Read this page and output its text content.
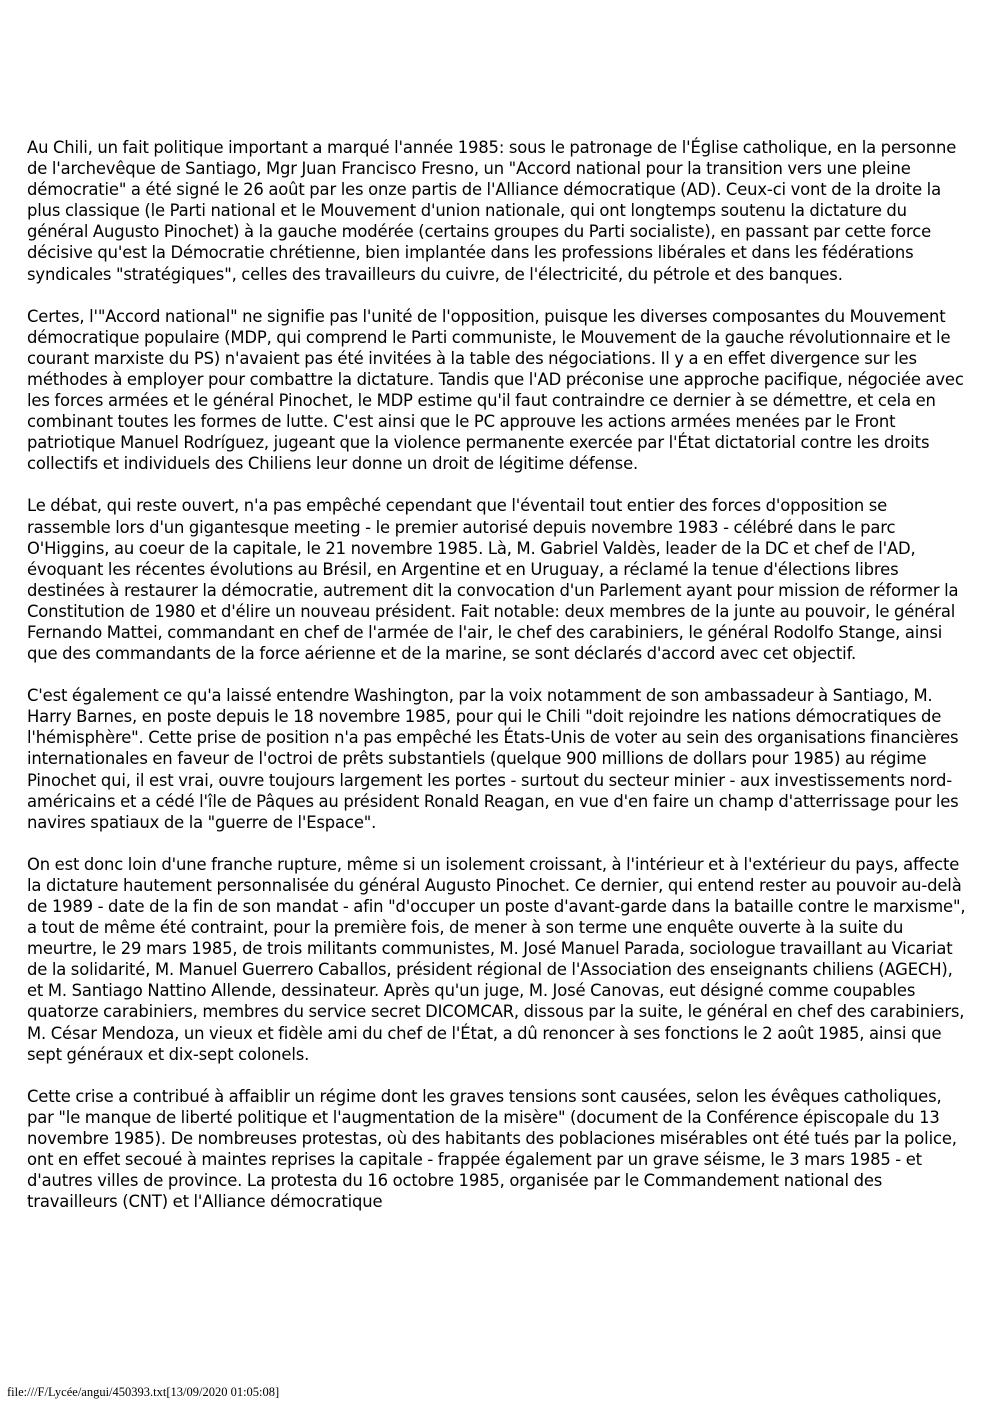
Au Chili, un fait politique important a marqué l'année 1985: sous le patronage de l'Église catholique, en la personne de l'archevêque de Santiago, Mgr Juan Francisco Fresno, un "Accord national pour la transition vers une pleine démocratie" a été signé le 26 août par les onze partis de l'Alliance démocratique (AD). Ceux-ci vont de la droite la plus classique (le Parti national et le Mouvement d'union nationale, qui ont longtemps soutenu la dictature du général Augusto Pinochet) à la gauche modérée (certains groupes du Parti socialiste), en passant par cette force décisive qu'est la Démocratie chrétienne, bien implantée dans les professions libérales et dans les fédérations syndicales "stratégiques", celles des travailleurs du cuivre, de l'électricité, du pétrole et des banques.

Certes, l'"Accord national" ne signifie pas l'unité de l'opposition, puisque les diverses composantes du Mouvement démocratique populaire (MDP, qui comprend le Parti communiste, le Mouvement de la gauche révolutionnaire et le courant marxiste du PS) n'avaient pas été invitées à la table des négociations. Il y a en effet divergence sur les méthodes à employer pour combattre la dictature. Tandis que l'AD préconise une approche pacifique, négociée avec les forces armées et le général Pinochet, le MDP estime qu'il faut contraindre ce dernier à se démettre, et cela en combinant toutes les formes de lutte. C'est ainsi que le PC approuve les actions armées menées par le Front patriotique Manuel Rodríguez, jugeant que la violence permanente exercée par l'État dictatorial contre les droits collectifs et individuels des Chiliens leur donne un droit de légitime défense.

Le débat, qui reste ouvert, n'a pas empêché cependant que l'éventail tout entier des forces d'opposition se rassemble lors d'un gigantesque meeting - le premier autorisé depuis novembre 1983 - célébré dans le parc O'Higgins, au coeur de la capitale, le 21 novembre 1985. Là, M. Gabriel Valdès, leader de la DC et chef de l'AD, évoquant les récentes évolutions au Brésil, en Argentine et en Uruguay, a réclamé la tenue d'élections libres destinées à restaurer la démocratie, autrement dit la convocation d'un Parlement ayant pour mission de réformer la Constitution de 1980 et d'élire un nouveau président. Fait notable: deux membres de la junte au pouvoir, le général Fernando Mattei, commandant en chef de l'armée de l'air, le chef des carabiniers, le général Rodolfo Stange, ainsi que des commandants de la force aérienne et de la marine, se sont déclarés d'accord avec cet objectif.

C'est également ce qu'a laissé entendre Washington, par la voix notamment de son ambassadeur à Santiago, M. Harry Barnes, en poste depuis le 18 novembre 1985, pour qui le Chili "doit rejoindre les nations démocratiques de l'hémisphère". Cette prise de position n'a pas empêché les États-Unis de voter au sein des organisations financières internationales en faveur de l'octroi de prêts substantiels (quelque 900 millions de dollars pour 1985) au régime Pinochet qui, il est vrai, ouvre toujours largement les portes - surtout du secteur minier - aux investissements nord-américains et a cédé l'île de Pâques au président Ronald Reagan, en vue d'en faire un champ d'atterrissage pour les navires spatiaux de la "guerre de l'Espace".

On est donc loin d'une franche rupture, même si un isolement croissant, à l'intérieur et à l'extérieur du pays, affecte la dictature hautement personnalisée du général Augusto Pinochet. Ce dernier, qui entend rester au pouvoir au-delà de 1989 - date de la fin de son mandat - afin "d'occuper un poste d'avant-garde dans la bataille contre le marxisme", a tout de même été contraint, pour la première fois, de mener à son terme une enquête ouverte à la suite du meurtre, le 29 mars 1985, de trois militants communistes, M. José Manuel Parada, sociologue travaillant au Vicariat de la solidarité, M. Manuel Guerrero Caballos, président régional de l'Association des enseignants chiliens (AGECH), et M. Santiago Nattino Allende, dessinateur. Après qu'un juge, M. José Canovas, eut désigné comme coupables quatorze carabiniers, membres du service secret DICOMCAR, dissous par la suite, le général en chef des carabiniers, M. César Mendoza, un vieux et fidèle ami du chef de l'État, a dû renoncer à ses fonctions le 2 août 1985, ainsi que sept généraux et dix-sept colonels.

Cette crise a contribué à affaiblir un régime dont les graves tensions sont causées, selon les évêques catholiques, par "le manque de liberté politique et l'augmentation de la misère" (document de la Conférence épiscopale du 13 novembre 1985). De nombreuses protestas, où des habitants des poblaciones misérables ont été tués par la police, ont en effet secoué à maintes reprises la capitale - frappée également par un grave séisme, le 3 mars 1985 - et d'autres villes de province. La protesta du 16 octobre 1985, organisée par le Commandement national des travailleurs (CNT) et l'Alliance démocratique

file:///F/Lycée/angui/450393.txt[13/09/2020 01:05:08]
